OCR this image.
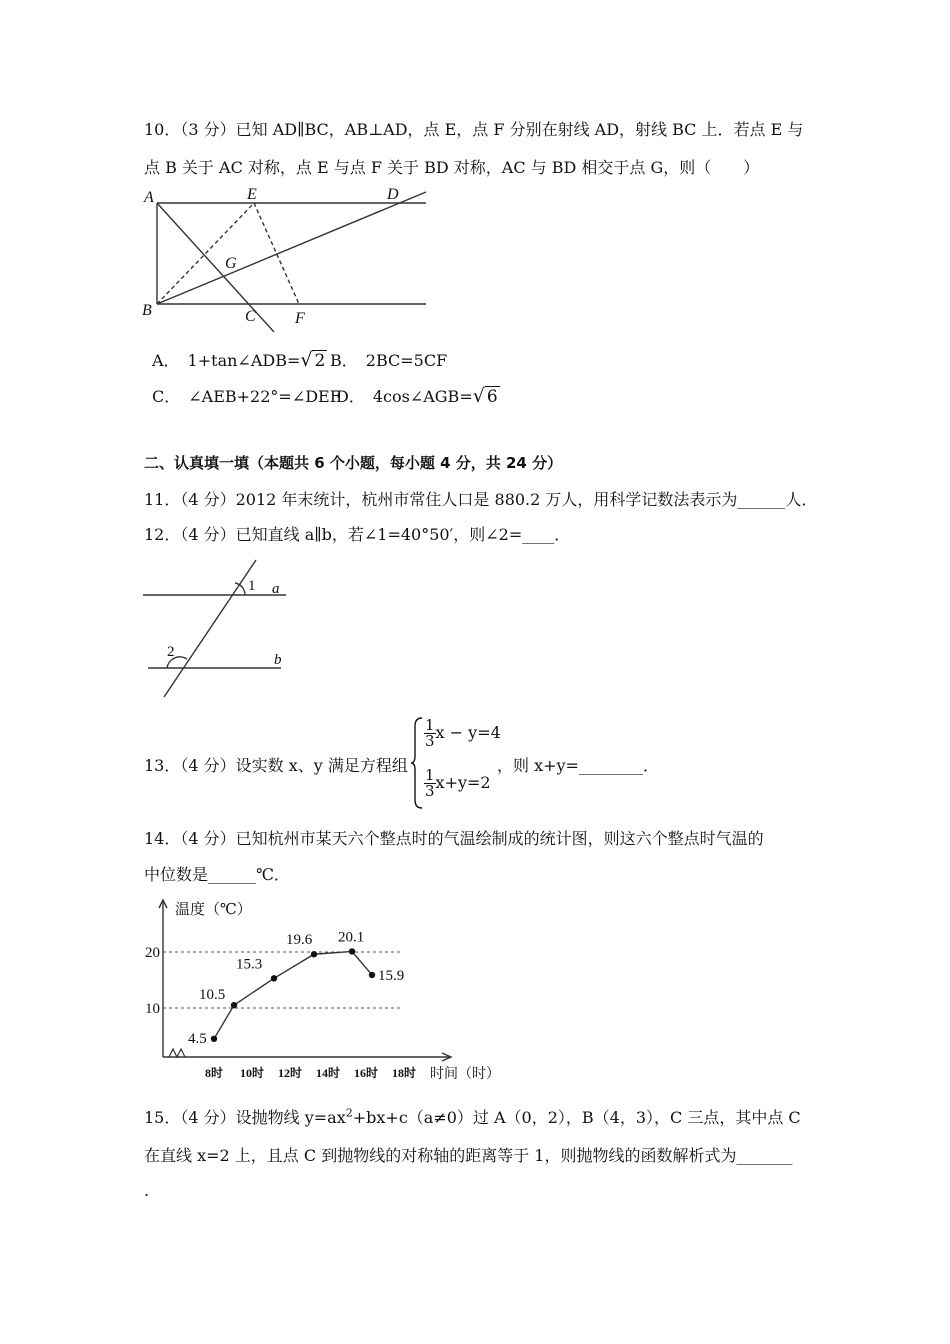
10．（3 分）已知 AD∥BC，AB⊥AD，点 E，点 F 分别在射线 AD，射线 BC 上．若点 E 与
点 B 关于 AC 对称，点 E 与点 F 关于 BD 对称，AC 与 BD 相交于点 G，则（　　）
A	E	D
G
B	C F
A．　1+tan∠ADB=√ 2 B．　2BC=5CF
C．　∠AEB+22°=∠DEF
D．　4cos∠AGB=√ 6
二、认真填一填（本题共 6 个小题，每小题 4 分，共 24 分）
11．（4 分）2012 年末统计，杭州市常住人口是 880.2 万人，用科学记数法表示为______人．
12．（4 分）已知直线 a∥b，若∠1=40°50′，则∠2=____．
1
2
a
b
13．（4 分）设实数 x、y 满足方程组
$\frac{1}{3}$ x − y=4
$\frac{1}{3} x+y=2$
，则 x+y=________．
14．（4 分）已知杭州市某天六个整点时的气温绘制成的统计图，则这六个整点时气温的
中位数是______℃．
温度（℃）
时间（时）
10
20
8时 10时 12时 14时 16时 18时
4.5
10.5
15.3
19.6 20.1
15.9
15．（4 分）设抛物线 $y=ax^2+bx+c(a\ne 0)$过 A（0，2），B（4，3），C 三点，其中点 C
在直线 x=2 上，且点 C 到抛物线的对称轴的距离等于 1，则抛物线的函数解析式为_______
.
